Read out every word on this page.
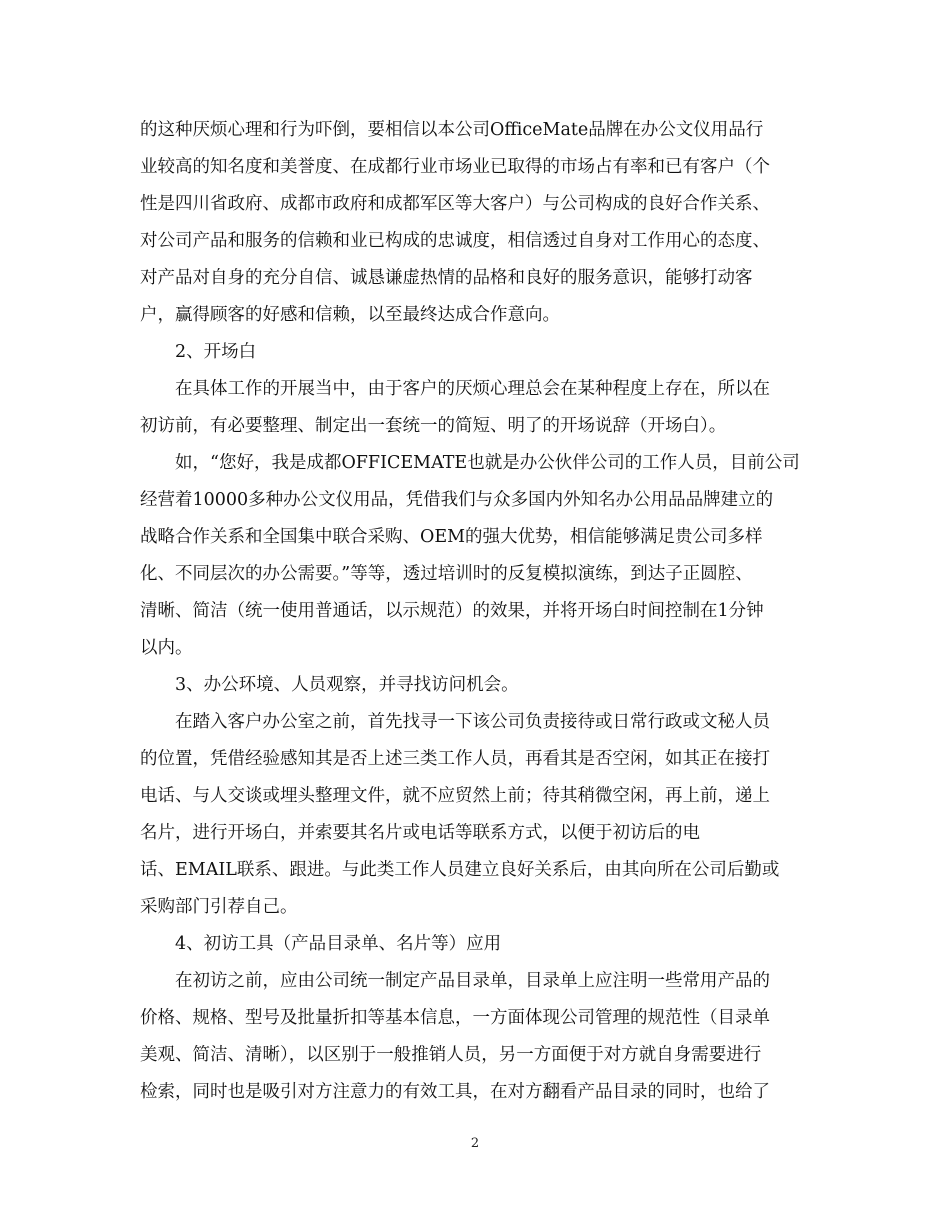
的这种厌烦心理和行为吓倒，要相信以本公司OfficeMate品牌在办公文仪用品行
业较高的知名度和美誉度、在成都行业市场业已取得的市场占有率和已有客户（个
性是四川省政府、成都市政府和成都军区等大客户）与公司构成的良好合作关系、
对公司产品和服务的信赖和业已构成的忠诚度，相信透过自身对工作用心的态度、
对产品对自身的充分自信、诚恳谦虚热情的品格和良好的服务意识，能够打动客
户，赢得顾客的好感和信赖，以至最终达成合作意向。
2、开场白
在具体工作的开展当中，由于客户的厌烦心理总会在某种程度上存在，所以在
初访前，有必要整理、制定出一套统一的简短、明了的开场说辞（开场白）。
如，“您好，我是成都OFFICEMATE也就是办公伙伴公司的工作人员，目前公司
经营着10000多种办公文仪用品，凭借我们与众多国内外知名办公用品品牌建立的
战略合作关系和全国集中联合采购、OEM的强大优势，相信能够满足贵公司多样
化、不同层次的办公需要。”等等，透过培训时的反复模拟演练，到达子正圆腔、
清晰、简洁（统一使用普通话，以示规范）的效果，并将开场白时间控制在1分钟
以内。
3、办公环境、人员观察，并寻找访问机会。
在踏入客户办公室之前，首先找寻一下该公司负责接待或日常行政或文秘人员
的位置，凭借经验感知其是否上述三类工作人员，再看其是否空闲，如其正在接打
电话、与人交谈或埋头整理文件，就不应贸然上前；待其稍微空闲，再上前，递上
名片，进行开场白，并索要其名片或电话等联系方式，以便于初访后的电
话、EMAIL联系、跟进。与此类工作人员建立良好关系后，由其向所在公司后勤或
采购部门引荐自己。
4、初访工具（产品目录单、名片等）应用
在初访之前，应由公司统一制定产品目录单，目录单上应注明一些常用产品的
价格、规格、型号及批量折扣等基本信息，一方面体现公司管理的规范性（目录单
美观、简洁、清晰），以区别于一般推销人员，另一方面便于对方就自身需要进行
检索，同时也是吸引对方注意力的有效工具，在对方翻看产品目录的同时，也给了
2
